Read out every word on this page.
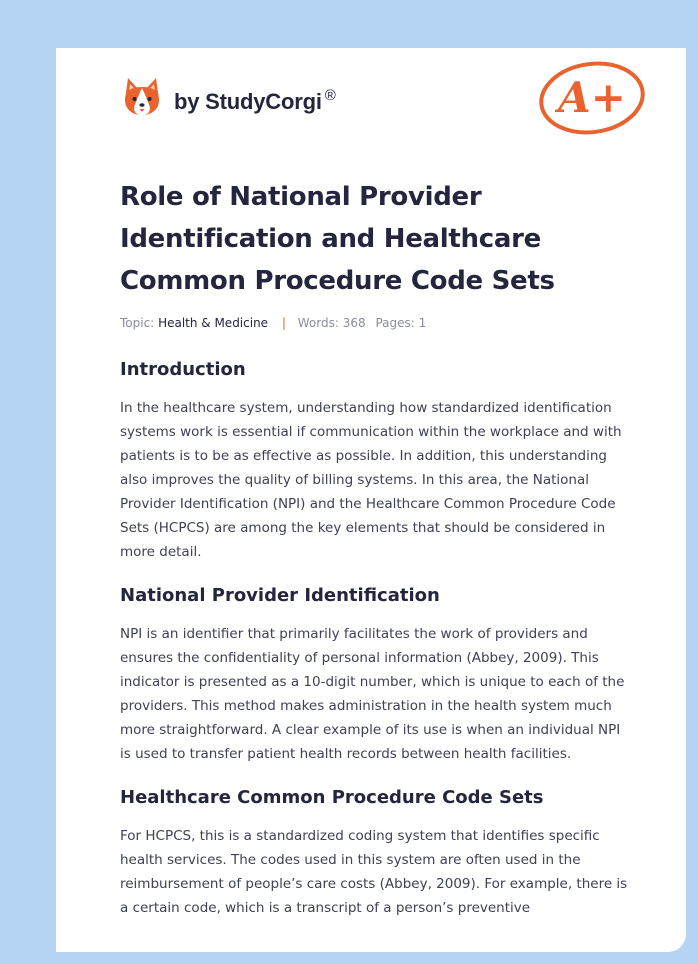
by StudyCorgi ®	A+
Role of National Provider Identification and Healthcare Common Procedure Code Sets
Topic: Health & Medicine | Words: 368 Pages: 1
Introduction

In the healthcare system, understanding how standardized identification systems work is essential if communication within the workplace and with patients is to be as effective as possible. In addition, this understanding also improves the quality of billing systems. In this area, the National Provider Identification (NPI) and the Healthcare Common Procedure Code Sets (HCPCS) are among the key elements that should be considered in more detail.

National Provider Identification

NPI is an identifier that primarily facilitates the work of providers and ensures the confidentiality of personal information (Abbey, 2009). This indicator is presented as a 10-digit number, which is unique to each of the providers. This method makes administration in the health system much more straightforward. A clear example of its use is when an individual NPI is used to transfer patient health records between health facilities.

Healthcare Common Procedure Code Sets

For HCPCS, this is a standardized coding system that identifies specific health services. The codes used in this system are often used in the reimbursement of people’s care costs (Abbey, 2009). For example, there is a certain code, which is a transcript of a person’s preventive
